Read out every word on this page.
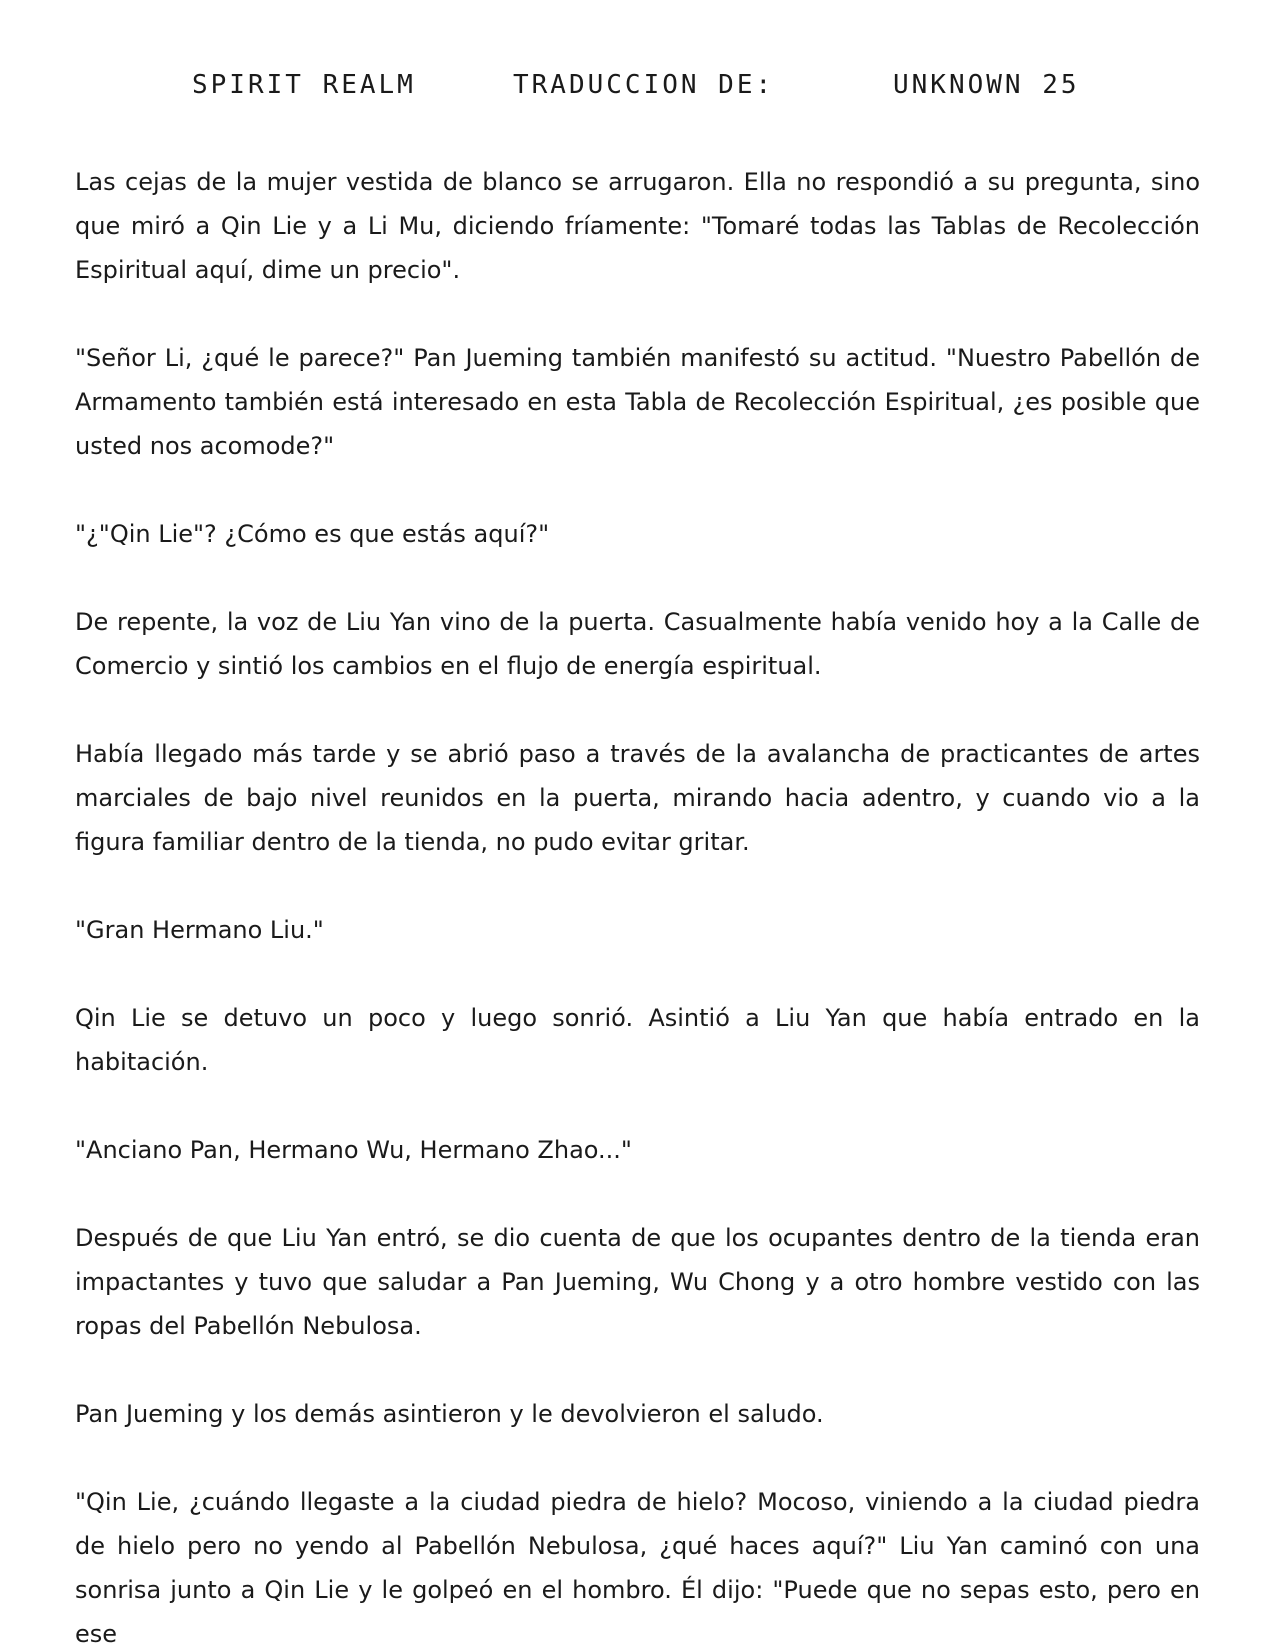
SPIRIT REALM	TRADUCCION DE:	UNKNOWN 25

Las cejas de la mujer vestida de blanco se arrugaron. Ella no respondió a su pregunta, sino que miró a Qin Lie y a Li Mu, diciendo fríamente: "Tomaré todas las Tablas de Recolección Espiritual aquí, dime un precio".

"Señor Li, ¿qué le parece?" Pan Jueming también manifestó su actitud. "Nuestro Pabellón de Armamento también está interesado en esta Tabla de Recolección Espiritual, ¿es posible que usted nos acomode?"

"¿"Qin Lie"? ¿Cómo es que estás aquí?"

De repente, la voz de Liu Yan vino de la puerta. Casualmente había venido hoy a la Calle de Comercio y sintió los cambios en el flujo de energía espiritual.

Había llegado más tarde y se abrió paso a través de la avalancha de practicantes de artes marciales de bajo nivel reunidos en la puerta, mirando hacia adentro, y cuando vio a la figura familiar dentro de la tienda, no pudo evitar gritar.

"Gran Hermano Liu."

Qin Lie se detuvo un poco y luego sonrió. Asintió a Liu Yan que había entrado en la habitación.

"Anciano Pan, Hermano Wu, Hermano Zhao..."

Después de que Liu Yan entró, se dio cuenta de que los ocupantes dentro de la tienda eran impactantes y tuvo que saludar a Pan Jueming, Wu Chong y a otro hombre vestido con las ropas del Pabellón Nebulosa.

Pan Jueming y los demás asintieron y le devolvieron el saludo.

"Qin Lie, ¿cuándo llegaste a la ciudad piedra de hielo? Mocoso, viniendo a la ciudad piedra de hielo pero no yendo al Pabellón Nebulosa, ¿qué haces aquí?" Liu Yan caminó con una sonrisa junto a Qin Lie y le golpeó en el hombro. Él dijo: "Puede que no sepas esto, pero en ese
